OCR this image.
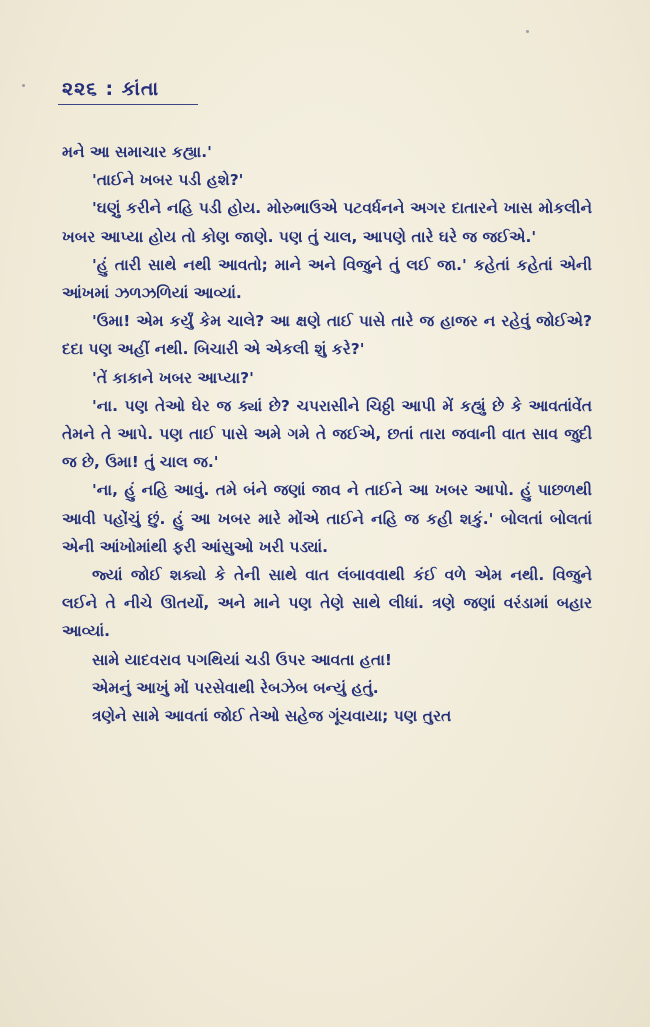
૨૨૬ : કાંતા

મને આ સમાચાર કહ્યા.'

'તાઈને ખબર પડી હશે?'

'ઘણું કરીને નહિ પડી હોય. મોરુભાઉએ પટવર્ધનને અગર દાતારને ખાસ મોકલીને ખબર આપ્યા હોય તો કોણ જાણે. પણ તું ચાલ, આપણે તારે ઘરે જ જઈએ.'

'હું તારી સાથે નથી આવતો; માને અને વિજુને તું લઈ જા.' કહેતાં કહેતાં એની આંખમાં ઝળઝળિયાં આવ્યાં.

'ઉમા! એમ કર્યું કેમ ચાલે? આ ક્ષણે તાઈ પાસે તારે જ હાજર ન રહેવું જોઈએ? દદા પણ અહીં નથી. બિચારી એ એકલી શું કરે?'

'તેં કાકાને ખબર આપ્યા?'

'ના. પણ તેઓ ઘેર જ ક્યાં છે? ચપરાસીને ચિઠ્ઠી આપી મેં કહ્યું છે કે આવતાંવેંત તેમને તે આપે. પણ તાઈ પાસે અમે ગમે તે જઈએ, છતાં તારા જવાની વાત સાવ જુદી જ છે, ઉમા! તું ચાલ જ.'

'ના, હું નહિ આવું. તમે બંને જણાં જાવ ને તાઈને આ ખબર આપો. હું પાછળથી આવી પહોંચું છું. હું આ ખબર મારે મોંએ તાઈને નહિ જ કહી શકું.' બોલતાં બોલતાં એની આંખોમાંથી ફરી આંસુઓ ખરી પડ્યાં.

જ્યાં જોઈ શક્યો કે તેની સાથે વાત લંબાવવાથી કંઈ વળે એમ નથી. વિજુને લઈને તે નીચે ઊતર્યો, અને માને પણ તેણે સાથે લીધાં. ત્રણે જણાં વરંડામાં બહાર આવ્યાં.

સામે યાદવરાવ પગથિયાં ચડી ઉપર આવતા હતા!

એમનું આખું મોં પરસેવાથી રેબઝેબ બન્યું હતું.

ત્રણેને સામે આવતાં જોઈ તેઓ સહેજ ગૂંચવાયા; પણ તુરત
